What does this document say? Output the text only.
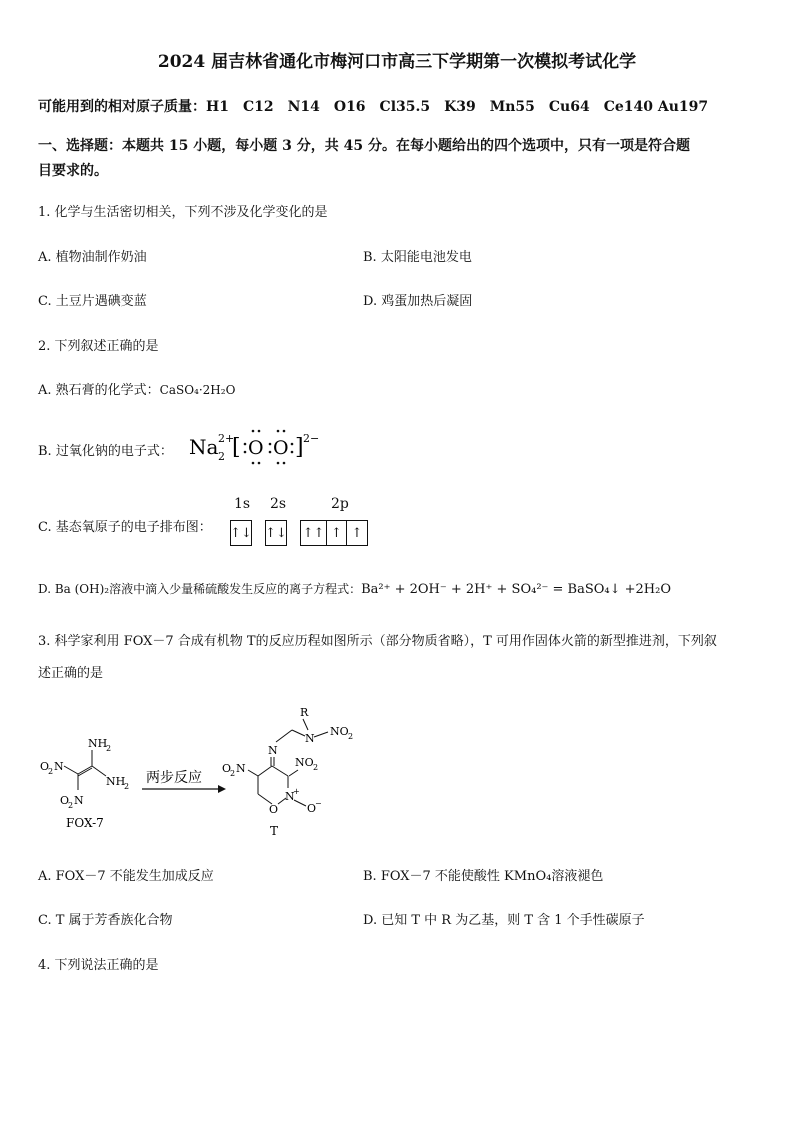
2024 届吉林省通化市梅河口市高三下学期第一次模拟考试化学
可能用到的相对原子质量：H1　C12　N14　O16　Cl35.5　K39　Mn55　Cu64　Ce140 Au197
一、选择题：本题共 15 小题，每小题 3 分，共 45 分。在每小题给出的四个选项中，只有一项是符合题
目要求的。
1. 化学与生活密切相关，下列不涉及化学变化的是
A. 植物油制作奶油	B. 太阳能电池发电
C. 土豆片遇碘变蓝	D. 鸡蛋加热后凝固
2. 下列叙述正确的是
A. 熟石膏的化学式：CaSO₄·2H₂O
B. 过氧化钠的电子式： Na 2
2+
[ O O ] 2−
C. 基态氧原子的电子排布图：
1s 2s	2p
↑↓ ↑↓ ↑↑ ↑ ↑
D. Ba (OH)₂溶液中滴入少量稀硫酸发生反应的离子方程式：Ba²⁺ + 2OH⁻ + 2H⁺ + SO₄²⁻ = BaSO₄↓ +2H₂O
3. 科学家利用 FOX－7 合成有机物 T的反应历程如图所示（部分物质省略），T 可用作固体火箭的新型推进剂，下列叙
述正确的是
O
2 N
O
2 N
NH
2
NH
2
FOX-7
两步反应
R
N
NO 2
N
O
N
+
O
−
NO 2
O
2 N
T
A. FOX－7 不能发生加成反应	B. FOX－7 不能使酸性 KMnO₄溶液褪色
C. T 属于芳香族化合物	D. 已知 T 中 R 为乙基，则 T 含 1 个手性碳原子
4. 下列说法正确的是
